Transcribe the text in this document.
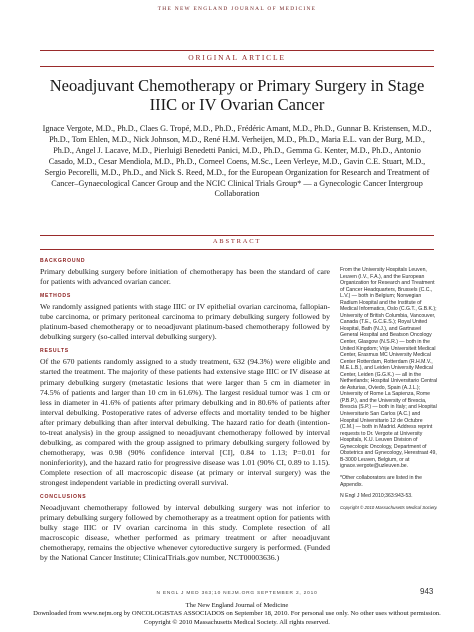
THE NEW ENGLAND JOURNAL OF MEDICINE
ORIGINAL ARTICLE
Neoadjuvant Chemotherapy or Primary Surgery in Stage IIIC or IV Ovarian Cancer
Ignace Vergote, M.D., Ph.D., Claes G. Tropé, M.D., Ph.D., Frédéric Amant, M.D., Ph.D., Gunnar B. Kristensen, M.D., Ph.D., Tom Ehlen, M.D., Nick Johnson, M.D., René H.M. Verheijen, M.D., Ph.D., Maria E.L. van der Burg, M.D., Ph.D., Angel J. Lacave, M.D., Pierluigi Benedetti Panici, M.D., Ph.D., Gemma G. Kenter, M.D., Ph.D., Antonio Casado, M.D., Cesar Mendiola, M.D., Ph.D., Corneel Coens, M.Sc., Leen Verleye, M.D., Gavin C.E. Stuart, M.D., Sergio Pecorelli, M.D., Ph.D., and Nick S. Reed, M.D., for the European Organization for Research and Treatment of Cancer–Gynaecological Cancer Group and the NCIC Clinical Trials Group* — a Gynecologic Cancer Intergroup Collaboration
ABSTRACT
BACKGROUND

Primary debulking surgery before initiation of chemotherapy has been the standard of care for patients with advanced ovarian cancer.

METHODS

We randomly assigned patients with stage IIIC or IV epithelial ovarian carcinoma, fallopian-tube carcinoma, or primary peritoneal carcinoma to primary debulking surgery followed by platinum-based chemotherapy or to neoadjuvant platinum-based chemotherapy followed by debulking surgery (so-called interval debulking surgery).

RESULTS

Of the 670 patients randomly assigned to a study treatment, 632 (94.3%) were eligible and started the treatment. The majority of these patients had extensive stage IIIC or IV disease at primary debulking surgery (metastatic lesions that were larger than 5 cm in diameter in 74.5% of patients and larger than 10 cm in 61.6%). The largest residual tumor was 1 cm or less in diameter in 41.6% of patients after primary debulking and in 80.6% of patients after interval debulking. Postoperative rates of adverse effects and mortality tended to be higher after primary debulking than after interval debulking. The hazard ratio for death (intention-to-treat analysis) in the group assigned to neoadjuvant chemotherapy followed by interval debulking, as compared with the group assigned to primary debulking surgery followed by chemotherapy, was 0.98 (90% confidence interval [CI], 0.84 to 1.13; P=0.01 for noninferiority), and the hazard ratio for progressive disease was 1.01 (90% CI, 0.89 to 1.15). Complete resection of all macroscopic disease (at primary or interval surgery) was the strongest independent variable in predicting overall survival.

CONCLUSIONS

Neoadjuvant chemotherapy followed by interval debulking surgery was not inferior to primary debulking surgery followed by chemotherapy as a treatment option for patients with bulky stage IIIC or IV ovarian carcinoma in this study. Complete resection of all macroscopic disease, whether performed as primary treatment or after neoadjuvant chemotherapy, remains the objective whenever cytoreductive surgery is performed. (Funded by the National Cancer Institute; ClinicalTrials.gov number, NCT00003636.)

From the University Hospitals Leuven, Leuven (I.V., F.A.), and the European Organization for Research and Treatment of Cancer Headquarters, Brussels (C.C., L.V.) — both in Belgium; Norwegian Radium Hospital and the Institute of Medical Informatics, Oslo (C.G.T., G.B.K.); University of British Columbia, Vancouver, Canada (T.E., G.C.E.S.); Royal United Hospital, Bath (N.J.), and Gartnavel General Hospital and Beatson Oncology Center, Glasgow (N.S.R.) — both in the United Kingdom; Vrije Universiteit Medical Center, Erasmus MC University Medical Center Rotterdam, Rotterdam (R.H.M.V., M.E.L.B.), and Leiden University Medical Center, Leiden (G.G.K.) — all in the Netherlands; Hospital Universitario Central de Asturias, Oviedo, Spain (A.J.L.); University of Rome La Sapienza, Rome (P.B.P.), and the University of Brescia, Brescia (S.P.) — both in Italy; and Hospital Universitario San Carlos (A.C.) and Hospital Universitario 12 de Octubre (C.M.) — both in Madrid. Address reprint requests to Dr. Vergote at University Hospitals, K.U. Leuven Division of Gynecologic Oncology, Department of Obstetrics and Gynecology, Herestraat 49, B-3000 Leuven, Belgium, or at ignace.vergote@uzleuven.be.

*Other collaborators are listed in the Appendix.

N Engl J Med 2010;363:943-53.

Copyright © 2010 Massachusetts Medical Society.

N ENGL J MED 363;10 NEJM.ORG SEPTEMBER 2, 2010	943
The New England Journal of Medicine
Downloaded from www.nejm.org by ONCOLOGISTAS ASSOCIADOS on September 18, 2010. For personal use only. No other uses without permission.
Copyright © 2010 Massachusetts Medical Society. All rights reserved.
